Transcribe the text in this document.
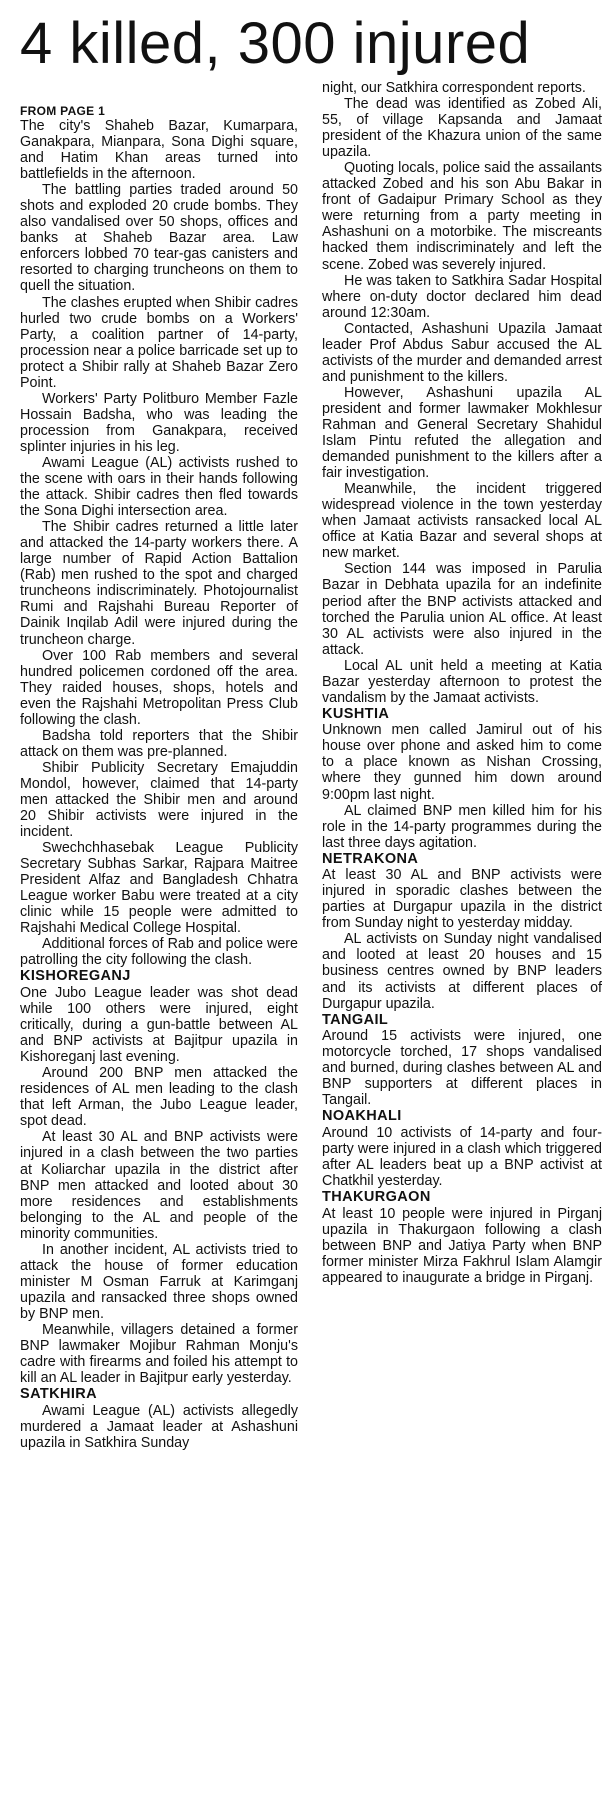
4 killed, 300 injured
FROM PAGE 1

The city's Shaheb Bazar, Kumarpara, Ganakpara, Mianpara, Sona Dighi square, and Hatim Khan areas turned into battlefields in the afternoon.

The battling parties traded around 50 shots and exploded 20 crude bombs. They also vandalised over 50 shops, offices and banks at Shaheb Bazar area. Law enforcers lobbed 70 tear-gas canisters and resorted to charging truncheons on them to quell the situation.

The clashes erupted when Shibir cadres hurled two crude bombs on a Workers' Party, a coalition partner of 14-party, procession near a police barricade set up to protect a Shibir rally at Shaheb Bazar Zero Point.

Workers' Party Politburo Member Fazle Hossain Badsha, who was leading the procession from Ganakpara, received splinter injuries in his leg.

Awami League (AL) activists rushed to the scene with oars in their hands following the attack. Shibir cadres then fled towards the Sona Dighi intersection area.

The Shibir cadres returned a little later and attacked the 14-party workers there. A large number of Rapid Action Battalion (Rab) men rushed to the spot and charged truncheons indiscriminately. Photojournalist Rumi and Rajshahi Bureau Reporter of Dainik Inqilab Adil were injured during the truncheon charge.

Over 100 Rab members and several hundred policemen cordoned off the area. They raided houses, shops, hotels and even the Rajshahi Metropolitan Press Club following the clash.

Badsha told reporters that the Shibir attack on them was pre-planned.

Shibir Publicity Secretary Emajuddin Mondol, however, claimed that 14-party men attacked the Shibir men and around 20 Shibir activists were injured in the incident.

Swechchhasebak League Publicity Secretary Subhas Sarkar, Rajpara Maitree President Alfaz and Bangladesh Chhatra League worker Babu were treated at a city clinic while 15 people were admitted to Rajshahi Medical College Hospital.

Additional forces of Rab and police were patrolling the city following the clash.

KISHOREGANJ

One Jubo League leader was shot dead while 100 others were injured, eight critically, during a gun-battle between AL and BNP activists at Bajitpur upazila in Kishoreganj last evening.

Around 200 BNP men attacked the residences of AL men leading to the clash that left Arman, the Jubo League leader, spot dead.

At least 30 AL and BNP activists were injured in a clash between the two parties at Koliarchar upazila in the district after BNP men attacked and looted about 30 more residences and establishments belonging to the AL and people of the minority communities.

In another incident, AL activists tried to attack the house of former education minister M Osman Farruk at Karimganj upazila and ransacked three shops owned by BNP men.

Meanwhile, villagers detained a former BNP lawmaker Mojibur Rahman Monju's cadre with firearms and foiled his attempt to kill an AL leader in Bajitpur early yesterday.

SATKHIRA

Awami League (AL) activists allegedly murdered a Jamaat leader at Ashashuni upazila in Satkhira Sunday

night, our Satkhira correspondent reports.

The dead was identified as Zobed Ali, 55, of village Kapsanda and Jamaat president of the Khazura union of the same upazila.

Quoting locals, police said the assailants attacked Zobed and his son Abu Bakar in front of Gadaipur Primary School as they were returning from a party meeting in Ashashuni on a motorbike. The miscreants hacked them indiscriminately and left the scene. Zobed was severely injured.

He was taken to Satkhira Sadar Hospital where on-duty doctor declared him dead around 12:30am.

Contacted, Ashashuni Upazila Jamaat leader Prof Abdus Sabur accused the AL activists of the murder and demanded arrest and punishment to the killers.

However, Ashashuni upazila AL president and former lawmaker Mokhlesur Rahman and General Secretary Shahidul Islam Pintu refuted the allegation and demanded punishment to the killers after a fair investigation.

Meanwhile, the incident triggered widespread violence in the town yesterday when Jamaat activists ransacked local AL office at Katia Bazar and several shops at new market.

Section 144 was imposed in Parulia Bazar in Debhata upazila for an indefinite period after the BNP activists attacked and torched the Parulia union AL office. At least 30 AL activists were also injured in the attack.

Local AL unit held a meeting at Katia Bazar yesterday afternoon to protest the vandalism by the Jamaat activists.

KUSHTIA

Unknown men called Jamirul out of his house over phone and asked him to come to a place known as Nishan Crossing, where they gunned him down around 9:00pm last night.

AL claimed BNP men killed him for his role in the 14-party programmes during the last three days agitation.

NETRAKONA

At least 30 AL and BNP activists were injured in sporadic clashes between the parties at Durgapur upazila in the district from Sunday night to yesterday midday.

AL activists on Sunday night vandalised and looted at least 20 houses and 15 business centres owned by BNP leaders and its activists at different places of Durgapur upazila.

TANGAIL

Around 15 activists were injured, one motorcycle torched, 17 shops vandalised and burned, during clashes between AL and BNP supporters at different places in Tangail.

NOAKHALI

Around 10 activists of 14-party and four-party were injured in a clash which triggered after AL leaders beat up a BNP activist at Chatkhil yesterday.

THAKURGAON

At least 10 people were injured in Pirganj upazila in Thakurgaon following a clash between BNP and Jatiya Party when BNP former minister Mirza Fakhrul Islam Alamgir appeared to inaugurate a bridge in Pirganj.
